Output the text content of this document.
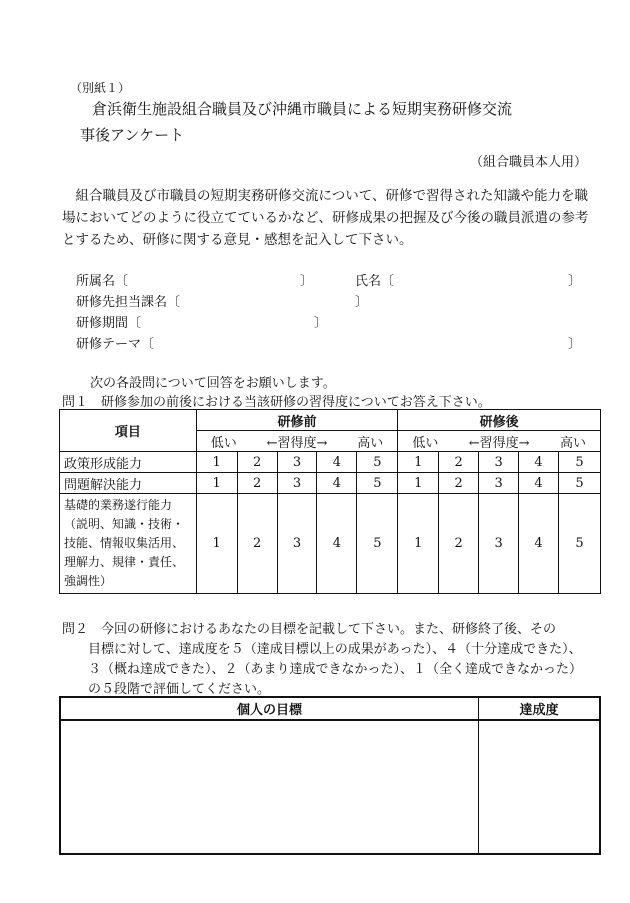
（別紙１）
倉浜衛生施設組合職員及び沖縄市職員による短期実務研修交流
事後アンケート
（組合職員本人用）

　組合職員及び市職員の短期実務研修交流について、研修で習得された知識や能力を職

場においてどのように役立てているかなど、研修成果の把握及び今後の職員派遣の参考

とするため、研修に関する意見・感想を記入して下さい。

所属名〔	〕	氏名〔	〕
研修先担当課名〔	〕
研修期間〔	〕
研修テーマ〔	〕
次の各設問について回答をお願いします。
問１　研修参加の前後における当該研修の習得度についてお答え下さい。
項目	研修前					研修後				

	低い ←習得度→ 高い					低い ←習得度→ 高い				

政策形成能力	1	2	3	4	5	1	2	3	4	5
問題解決能力	1	2	3	4	5	1	2	3	4	5

基礎的業務遂行能力
（説明、知識・技術・
技能、情報収集活用、
理解力、規律・責任、
強調性）	1	2	3	4	5	1	2	3	4	5
問２　今回の研修におけるあなたの目標を記載して下さい。また、研修終了後、その
目標に対して、達成度を５（達成目標以上の成果があった）、４（十分達成できた）、
３（概ね達成できた）、２（あまり達成できなかった）、１（全く達成できなかった）
の５段階で評価してください。
個人の目標	達成度
